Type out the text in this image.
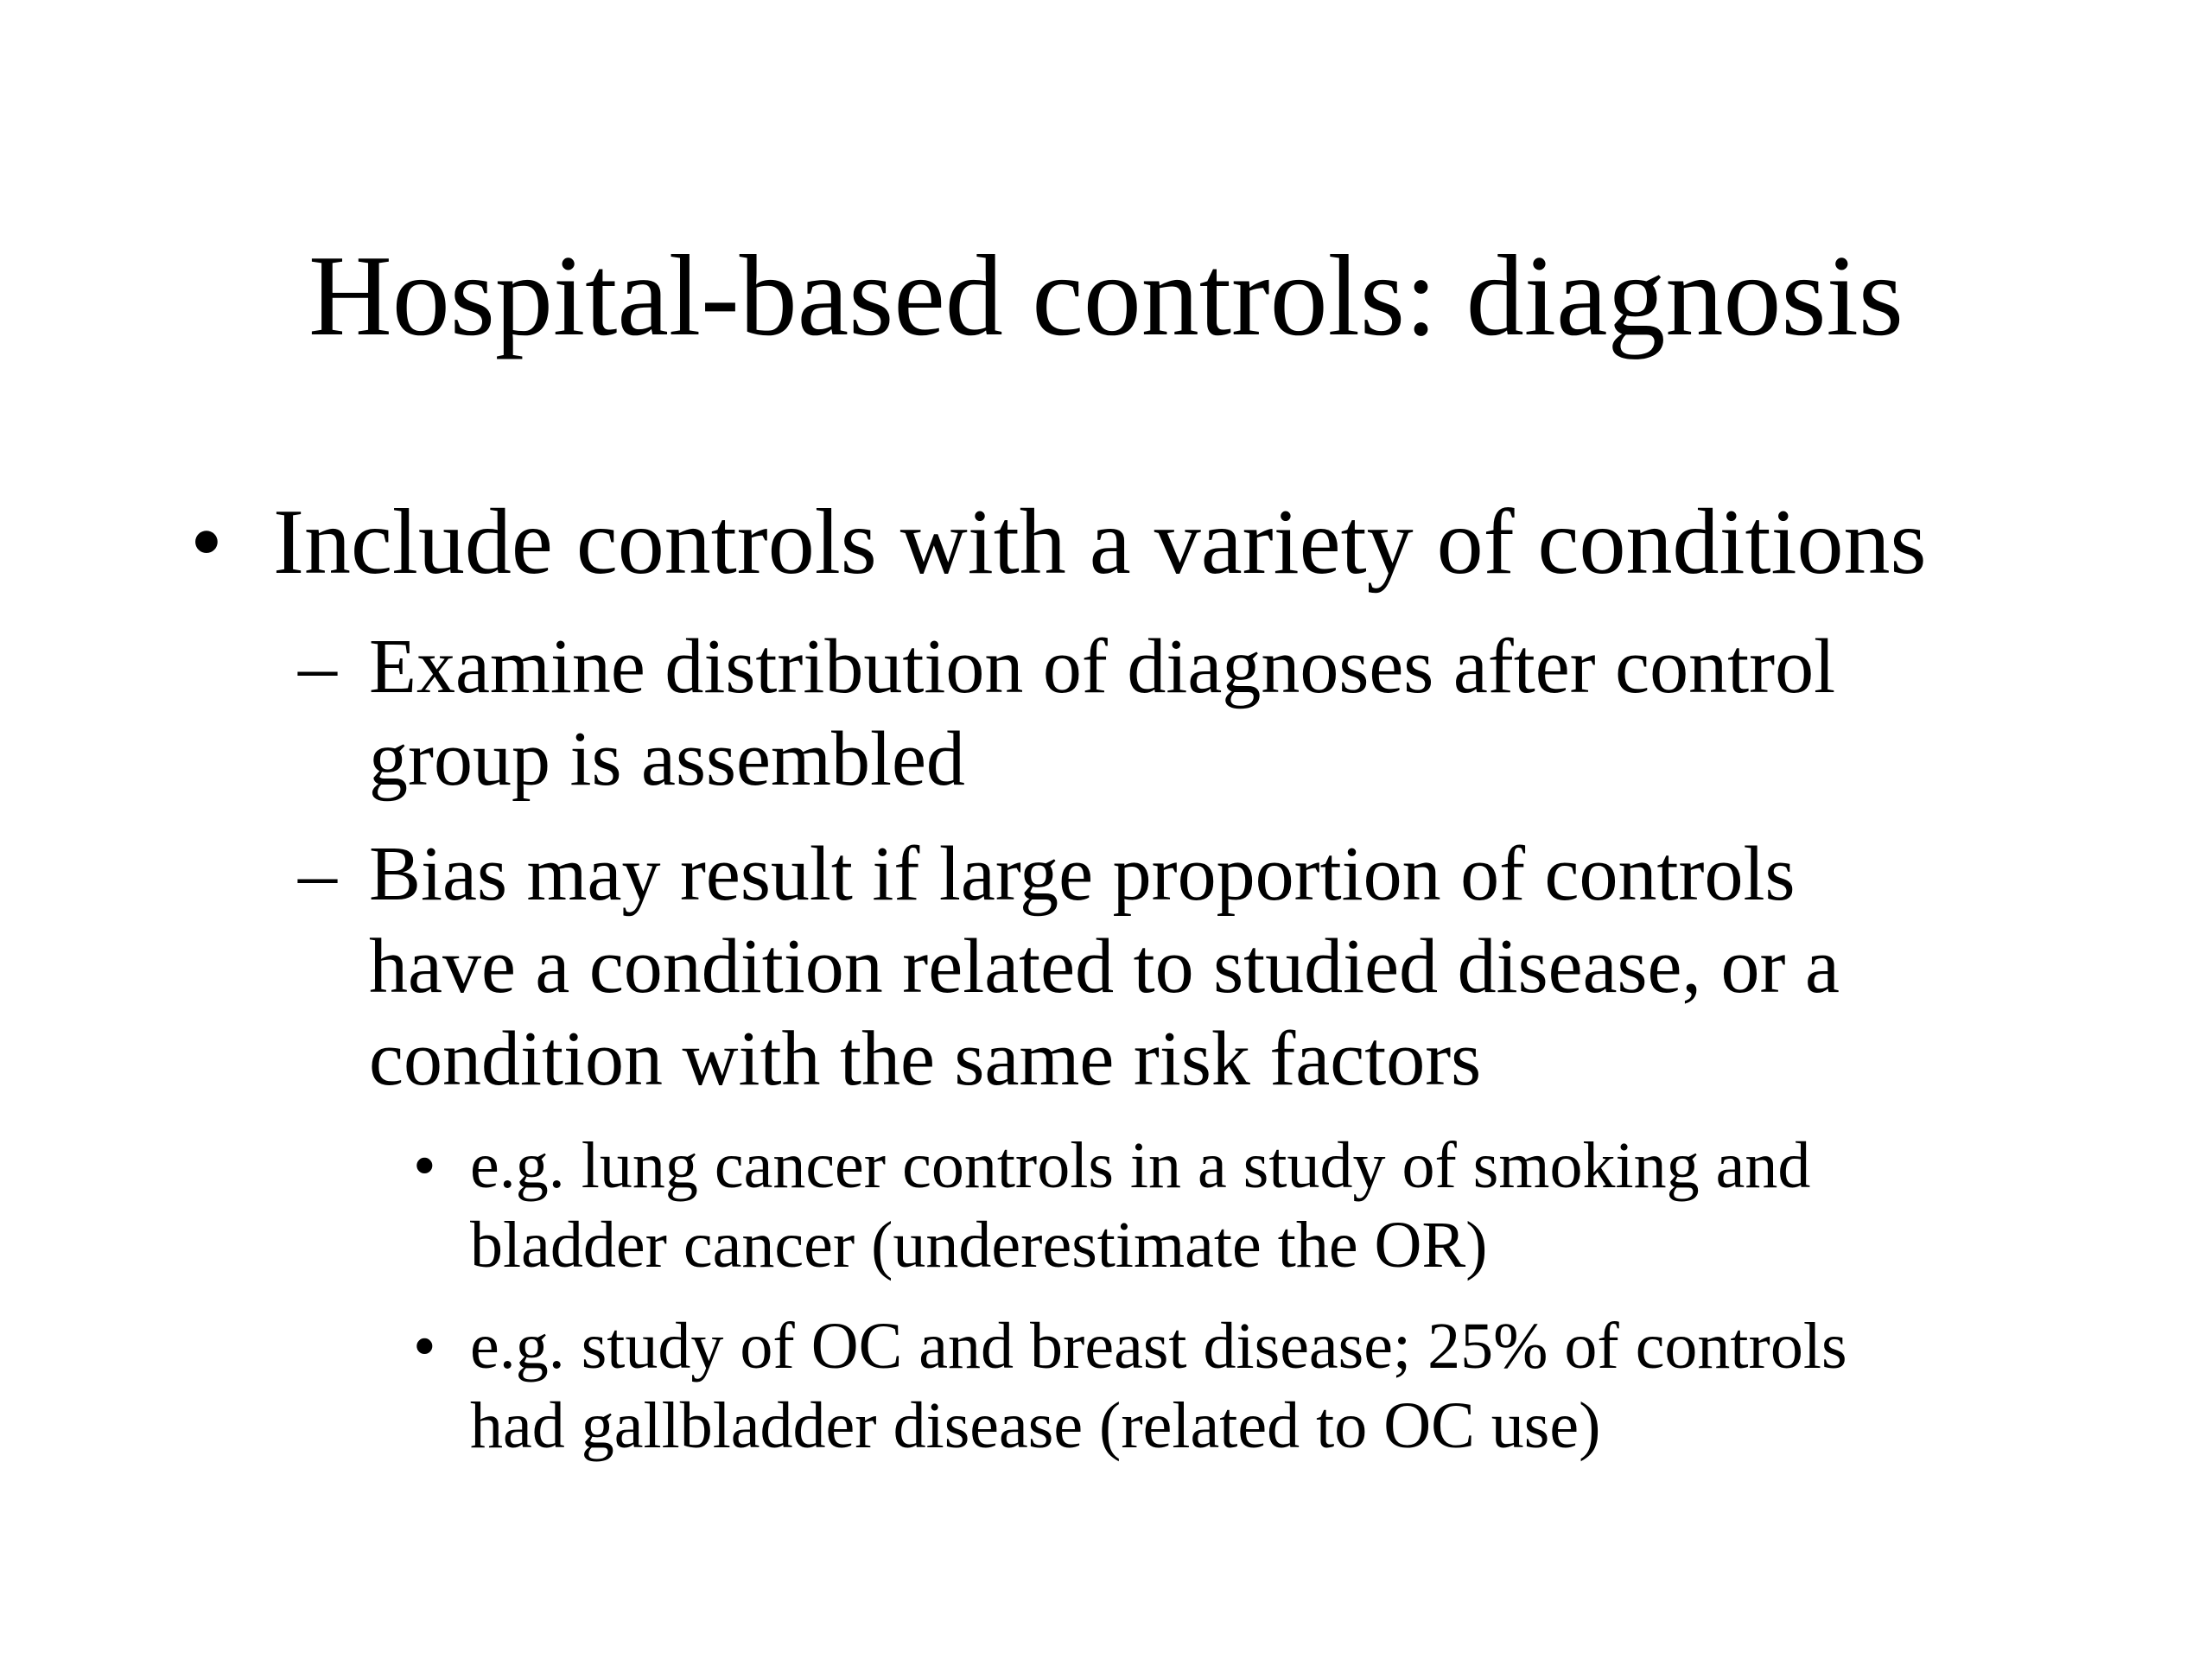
Hospital-based controls: diagnosis
• Include controls with a variety of conditions
– Examine distribution of diagnoses after control
group is assembled
– Bias may result if large proportion of controls
have a condition related to studied disease, or a
condition with the same risk factors
• e.g. lung cancer controls in a study of smoking and
bladder cancer (underestimate the OR)
• e.g. study of OC and breast disease; 25% of controls
had gallbladder disease (related to OC use)
